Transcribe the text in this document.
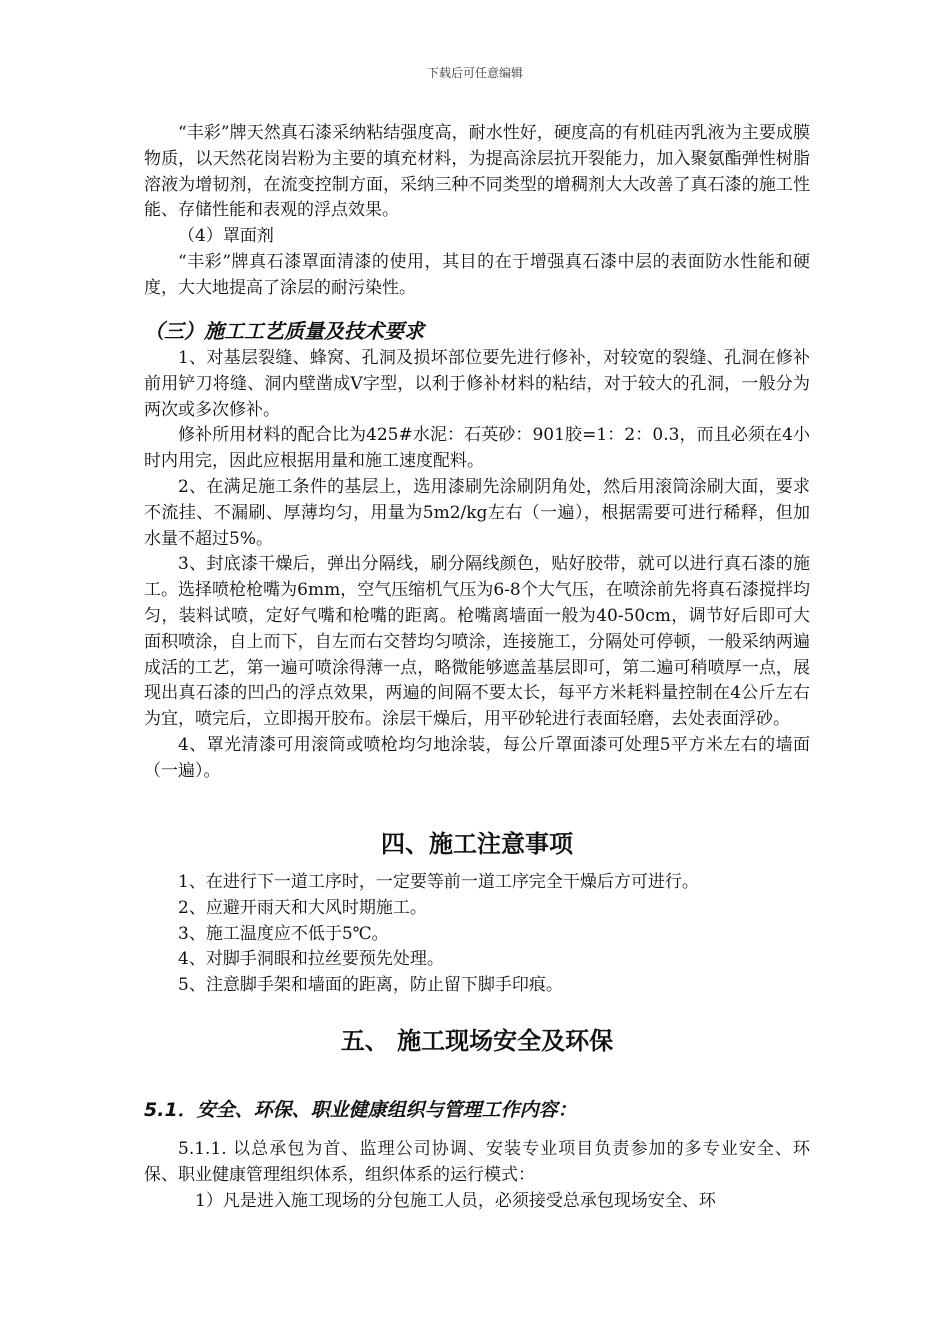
下载后可任意编辑

“丰彩”牌天然真石漆采纳粘结强度高，耐水性好，硬度高的有机硅丙乳液为主要成膜物质，以天然花岗岩粉为主要的填充材料，为提高涂层抗开裂能力，加入聚氨酯弹性树脂溶液为增韧剂，在流变控制方面，采纳三种不同类型的增稠剂大大改善了真石漆的施工性能、存储性能和表观的浮点效果。

（4）罩面剂

“丰彩”牌真石漆罩面清漆的使用，其目的在于增强真石漆中层的表面防水性能和硬度，大大地提高了涂层的耐污染性。

（三）施工工艺质量及技术要求

1、对基层裂缝、蜂窝、孔洞及损坏部位要先进行修补，对较宽的裂缝、孔洞在修补前用铲刀将缝、洞内壁凿成V字型，以利于修补材料的粘结，对于较大的孔洞，一般分为两次或多次修补。

修补所用材料的配合比为425#水泥：石英砂：901胶=1：2：0.3，而且必须在4小时内用完，因此应根据用量和施工速度配料。

2、在满足施工条件的基层上，选用漆刷先涂刷阴角处，然后用滚筒涂刷大面，要求不流挂、不漏刷、厚薄均匀，用量为5m2/kg左右（一遍），根据需要可进行稀释，但加水量不超过5%。

3、封底漆干燥后，弹出分隔线，刷分隔线颜色，贴好胶带，就可以进行真石漆的施工。选择喷枪枪嘴为6mm，空气压缩机气压为6-8个大气压，在喷涂前先将真石漆搅拌均匀，装料试喷，定好气嘴和枪嘴的距离。枪嘴离墙面一般为40-50cm，调节好后即可大面积喷涂，自上而下，自左而右交替均匀喷涂，连接施工，分隔处可停顿，一般采纳两遍成活的工艺，第一遍可喷涂得薄一点，略微能够遮盖基层即可，第二遍可稍喷厚一点，展现出真石漆的凹凸的浮点效果，两遍的间隔不要太长，每平方米耗料量控制在4公斤左右为宜，喷完后，立即揭开胶布。涂层干燥后，用平砂轮进行表面轻磨，去处表面浮砂。

4、罩光清漆可用滚筒或喷枪均匀地涂装，每公斤罩面漆可处理5平方米左右的墙面（一遍）。

四、施工注意事项

1、在进行下一道工序时，一定要等前一道工序完全干燥后方可进行。

2、应避开雨天和大风时期施工。

3、施工温度应不低于5℃。

4、对脚手洞眼和拉丝要预先处理。

5、注意脚手架和墙面的距离，防止留下脚手印痕。

五、 施工现场安全及环保
5.1．安全、环保、职业健康组织与管理工作内容：

5.1.1. 以总承包为首、监理公司协调、安装专业项目负责参加的多专业安全、环保、职业健康管理组织体系，组织体系的运行模式：

1）凡是进入施工现场的分包施工人员，必须接受总承包现场安全、环
